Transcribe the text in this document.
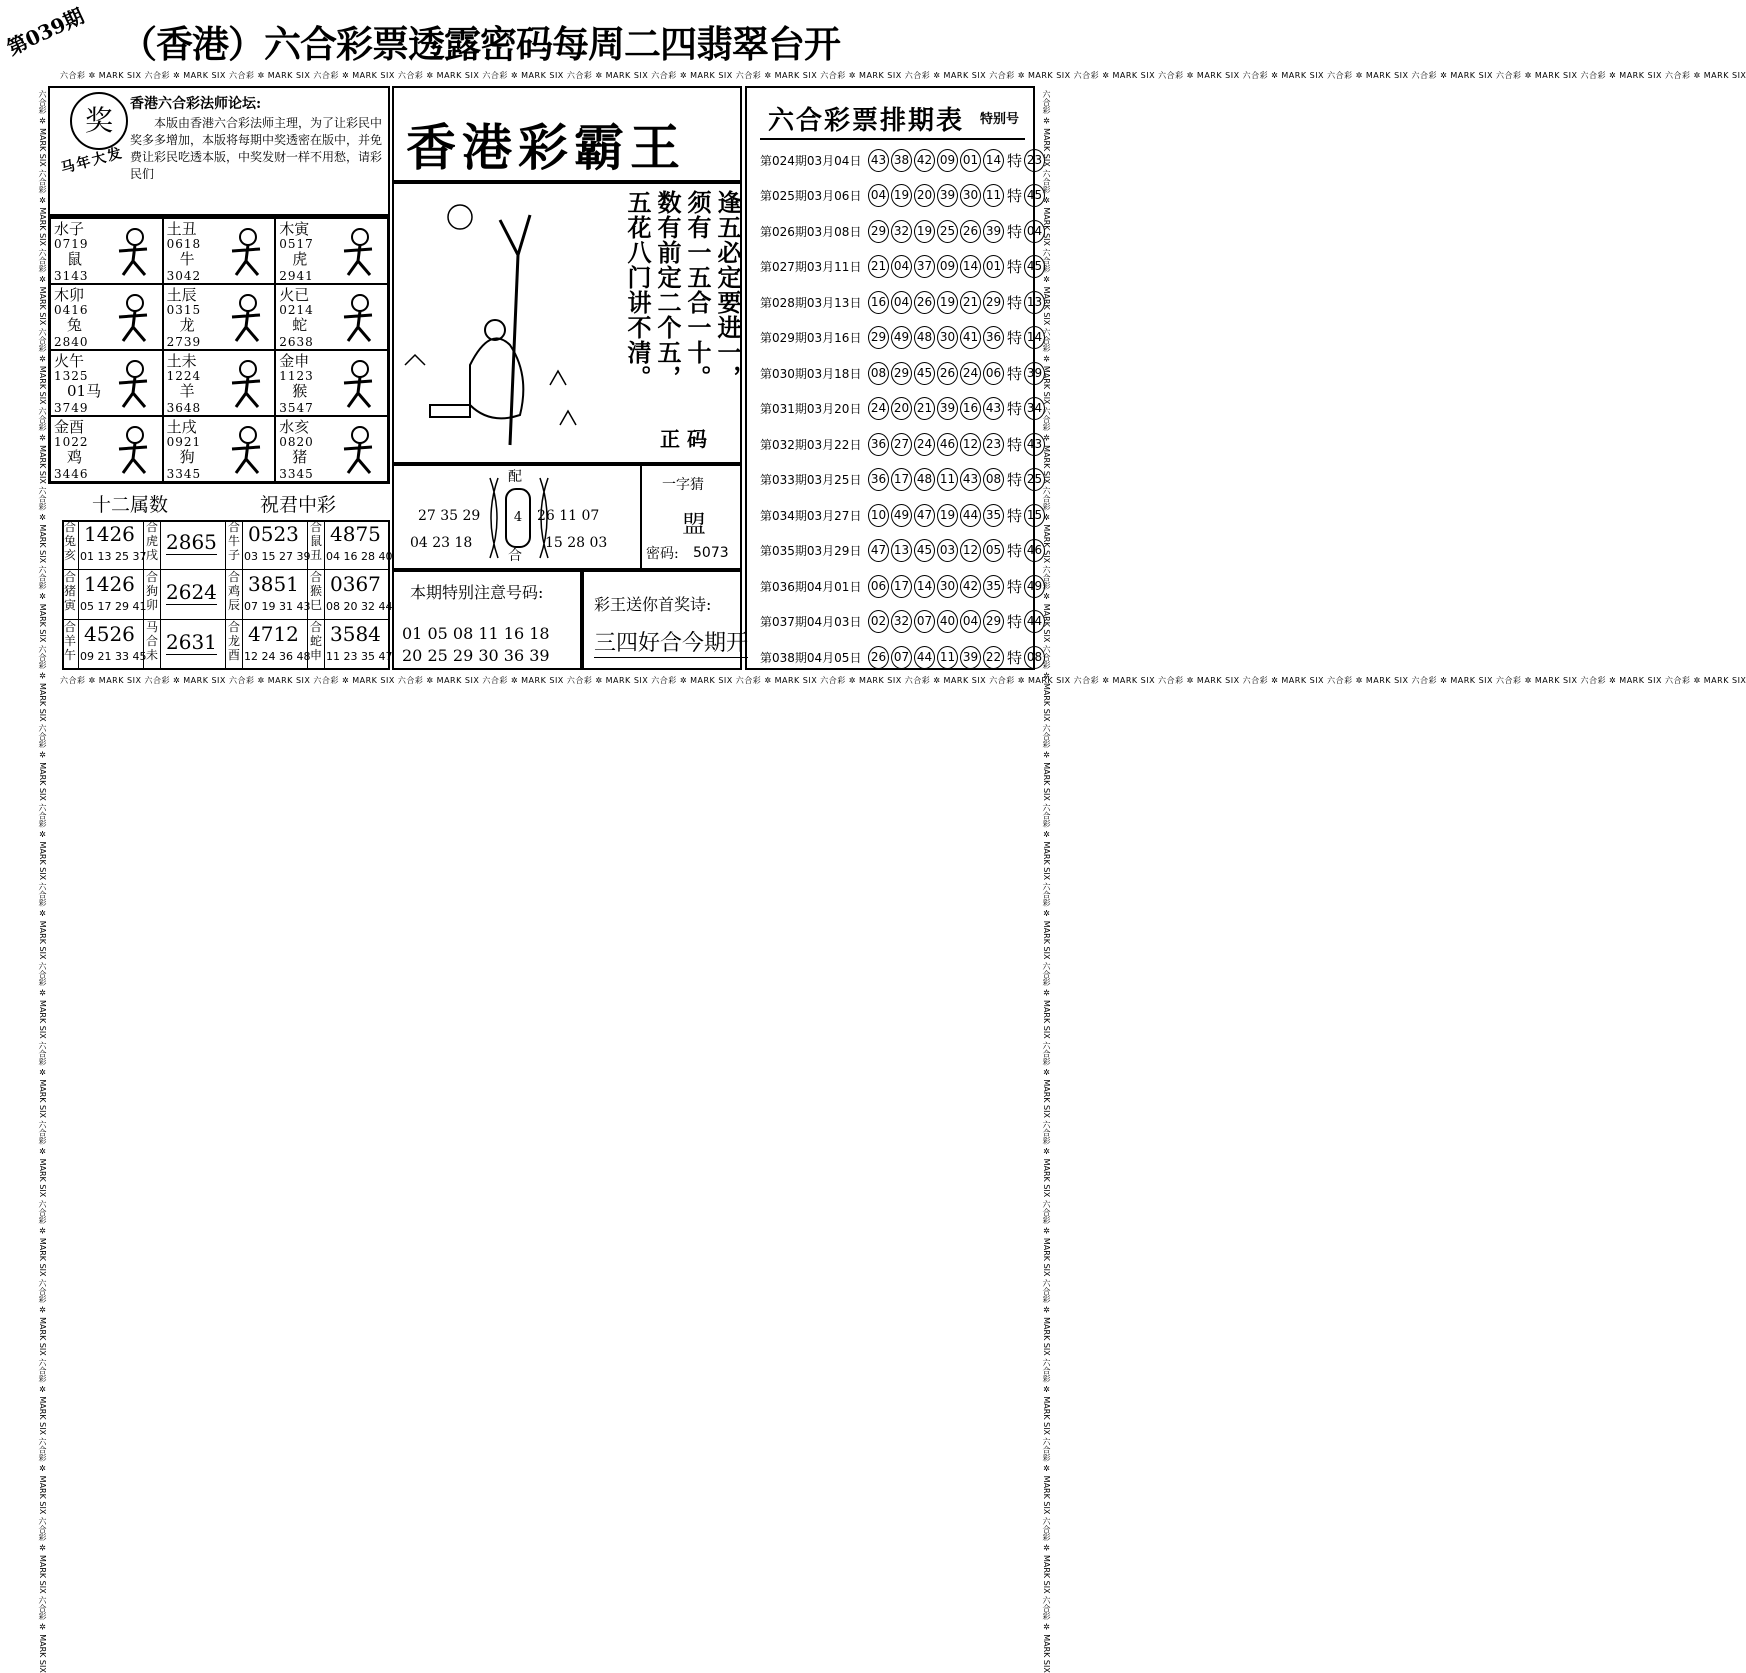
第039期 （香港）六合彩票透露密码每周二四翡翠台开
六合彩 ✲ MARK SIX 六合彩 ✲ MARK SIX 六合彩 ✲ MARK SIX 六合彩 ✲ MARK SIX 六合彩 ✲ MARK SIX 六合彩 ✲ MARK SIX 六合彩 ✲ MARK SIX 六合彩 ✲ MARK SIX 六合彩 ✲ MARK SIX 六合彩 ✲ MARK SIX 六合彩 ✲ MARK SIX 六合彩 ✲ MARK SIX 六合彩 ✲ MARK SIX 六合彩 ✲ MARK SIX 六合彩 ✲ MARK SIX 六合彩 ✲ MARK SIX 六合彩 ✲ MARK SIX 六合彩 ✲ MARK SIX 六合彩 ✲ MARK SIX 六合彩 ✲ MARK SIX
六合彩 ✲ MARK SIX 六合彩 ✲ MARK SIX 六合彩 ✲ MARK SIX 六合彩 ✲ MARK SIX 六合彩 ✲ MARK SIX 六合彩 ✲ MARK SIX 六合彩 ✲ MARK SIX 六合彩 ✲ MARK SIX 六合彩 ✲ MARK SIX 六合彩 ✲ MARK SIX 六合彩 ✲ MARK SIX 六合彩 ✲ MARK SIX 六合彩 ✲ MARK SIX 六合彩 ✲ MARK SIX 六合彩 ✲ MARK SIX 六合彩 ✲ MARK SIX 六合彩 ✲ MARK SIX 六合彩 ✲ MARK SIX 六合彩 ✲ MARK SIX 六合彩 ✲ MARK SIX
六合彩 ✲ MARK SIX 六合彩 ✲ MARK SIX 六合彩 ✲ MARK SIX 六合彩 ✲ MARK SIX 六合彩 ✲ MARK SIX 六合彩 ✲ MARK SIX 六合彩 ✲ MARK SIX 六合彩 ✲ MARK SIX 六合彩 ✲ MARK SIX 六合彩 ✲ MARK SIX 六合彩 ✲ MARK SIX 六合彩 ✲ MARK SIX 六合彩 ✲ MARK SIX 六合彩 ✲ MARK SIX 六合彩 ✲ MARK SIX 六合彩 ✲ MARK SIX 六合彩 ✲ MARK SIX 六合彩 ✲ MARK SIX 六合彩 ✲ MARK SIX 六合彩 ✲ MARK SIX	六合彩 ✲ MARK SIX 六合彩 ✲ MARK SIX 六合彩 ✲ MARK SIX 六合彩 ✲ MARK SIX 六合彩 ✲ MARK SIX 六合彩 ✲ MARK SIX 六合彩 ✲ MARK SIX 六合彩 ✲ MARK SIX 六合彩 ✲ MARK SIX 六合彩 ✲ MARK SIX 六合彩 ✲ MARK SIX 六合彩 ✲ MARK SIX 六合彩 ✲ MARK SIX 六合彩 ✲ MARK SIX 六合彩 ✲ MARK SIX 六合彩 ✲ MARK SIX 六合彩 ✲ MARK SIX 六合彩 ✲ MARK SIX 六合彩 ✲ MARK SIX 六合彩 ✲ MARK SIX
奖
马年大发
香港六合彩法师论坛:
本版由香港六合彩法师主理，为了让彩民中奖多多增加，本版将每期中奖透密在版中，并免费让彩民吃透本版，中奖发财一样不用愁，请彩民们
水子
0719
鼠
3143
土丑
0618
牛
3042
木寅
0517
虎
2941
木卯
0416
兔
2840
土辰
0315
龙
2739
火已
0214
蛇
2638
火午
1325
01马
3749
土未
1224
羊
3648
金申
1123
猴
3547
金酉
1022
鸡
3446
土戌
0921
狗
3345
水亥
0820
猪
3345
十二属数	祝君中彩
合兔亥
1426
01 13 25 37
合虎戌
2865
合牛子
0523
03 15 27 39
合鼠丑
4875
04 16 28 40
合猪寅
1426
05 17 29 41
合狗卯
2624
合鸡辰
3851
07 19 31 43
合猴巳
0367
08 20 32 44
合羊午
4526
09 21 33 45
马合未
2631
合龙酉
4712
12 24 36 48
合蛇申
3584
11 23 35 47
香港彩霸王
逢五必定要进一，
须有一五合一十。
数有前定二个五，
五花八门讲不清。
正 码
配
4
合
27 35 29
04 23 18
26 11 07
15 28 03
一字猜
盟
密码: 5073
本期特别注意号码:
01 05 08 11 16 18
20 25 29 30 36 39
彩王送你首奖诗:
三四好合今期开
六合彩票排期表 特别号
第024期03月04日 43 38 42 09 01 14 特 23
第025期03月06日 04 19 20 39 30 11 特 45
第026期03月08日 29 32 19 25 26 39 特 04
第027期03月11日 21 04 37 09 14 01 特 45
第028期03月13日 16 04 26 19 21 29 特 13
第029期03月16日 29 49 48 30 41 36 特 14
第030期03月18日 08 29 45 26 24 06 特 39
第031期03月20日 24 20 21 39 16 43 特 34
第032期03月22日 36 27 24 46 12 23 特 43
第033期03月25日 36 17 48 11 43 08 特 25
第034期03月27日 10 49 47 19 44 35 特 15
第035期03月29日 47 13 45 03 12 05 特 46
第036期04月01日 06 17 14 30 42 35 特 49
第037期04月03日 02 32 07 40 04 29 特 44
第038期04月05日 26 07 44 11 39 22 特 08
